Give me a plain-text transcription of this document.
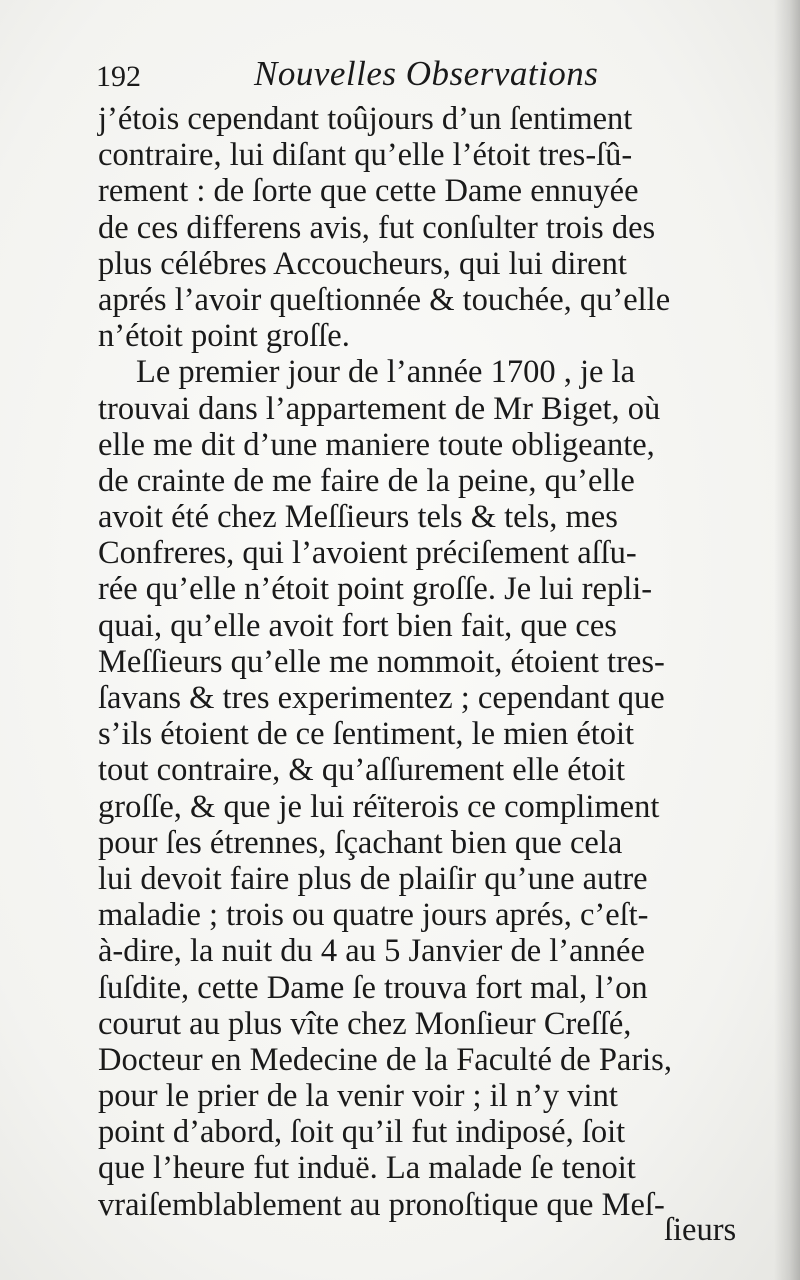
192	Nouvelles Observations
j’étois cependant toûjours d’un ſentiment
contraire, lui diſant qu’elle l’étoit tres-ſû-
rement : de ſorte que cette Dame ennuyée
de ces differens avis, fut conſulter trois des
plus célébres Accoucheurs, qui lui dirent
aprés l’avoir queſtionnée & touchée, qu’elle
n’étoit point groſſe.
Le premier jour de l’année 1700 , je la
trouvai dans l’appartement de Mr Biget, où
elle me dit d’une maniere toute obligeante,
de crainte de me faire de la peine, qu’elle
avoit été chez Meſſieurs tels & tels, mes
Confreres, qui l’avoient préciſement aſſu-
rée qu’elle n’étoit point groſſe. Je lui repli-
quai, qu’elle avoit fort bien fait, que ces
Meſſieurs qu’elle me nommoit, étoient tres-
ſavans & tres experimentez ; cependant que
s’ils étoient de ce ſentiment, le mien étoit
tout contraire, & qu’aſſurement elle étoit
groſſe, & que je lui réïterois ce compliment
pour ſes étrennes, ſçachant bien que cela
lui devoit faire plus de plaiſir qu’une autre
maladie ; trois ou quatre jours aprés, c’eſt-
à-dire, la nuit du 4 au 5 Janvier de l’année
ſuſdite, cette Dame ſe trouva fort mal, l’on
courut au plus vîte chez Monſieur Creſſé,
Docteur en Medecine de la Faculté de Paris,
pour le prier de la venir voir ; il n’y vint
point d’abord, ſoit qu’il fut indiposé, ſoit
que l’heure fut induë. La malade ſe tenoit
vraiſemblablement au pronoſtique que Meſ-
ſieurs
